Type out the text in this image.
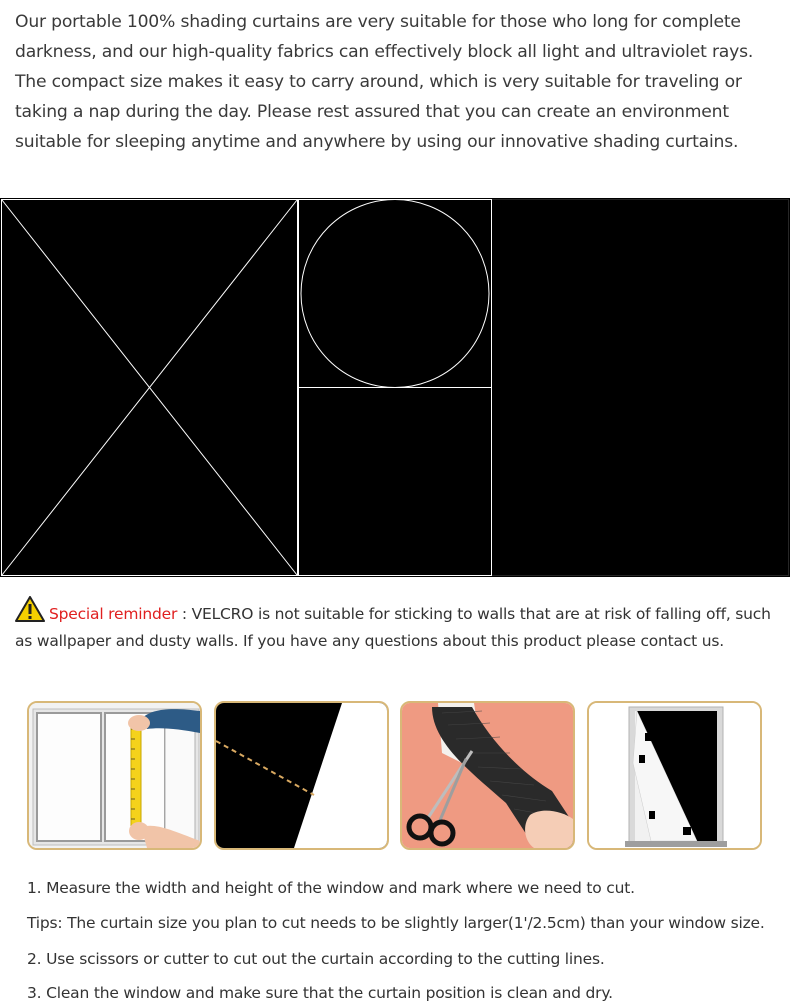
Our portable 100% shading curtains are very suitable for those who long for complete darkness, and our high-quality fabrics can effectively block all light and ultraviolet rays. The compact size makes it easy to carry around, which is very suitable for traveling or taking a nap during the day. Please rest assured that you can create an environment suitable for sleeping anytime and anywhere by using our innovative shading curtains.

Special reminder : VELCRO is not suitable for sticking to walls that are at risk of falling off, such as wallpaper and dusty walls. If you have any questions about this product please contact us.

1. Measure the width and height of the window and mark where we need to cut.

Tips: The curtain size you plan to cut needs to be slightly larger(1'/2.5cm) than your window size.

2. Use scissors or cutter to cut out the curtain according to the cutting lines.

3. Clean the window and make sure that the curtain position is clean and dry.
